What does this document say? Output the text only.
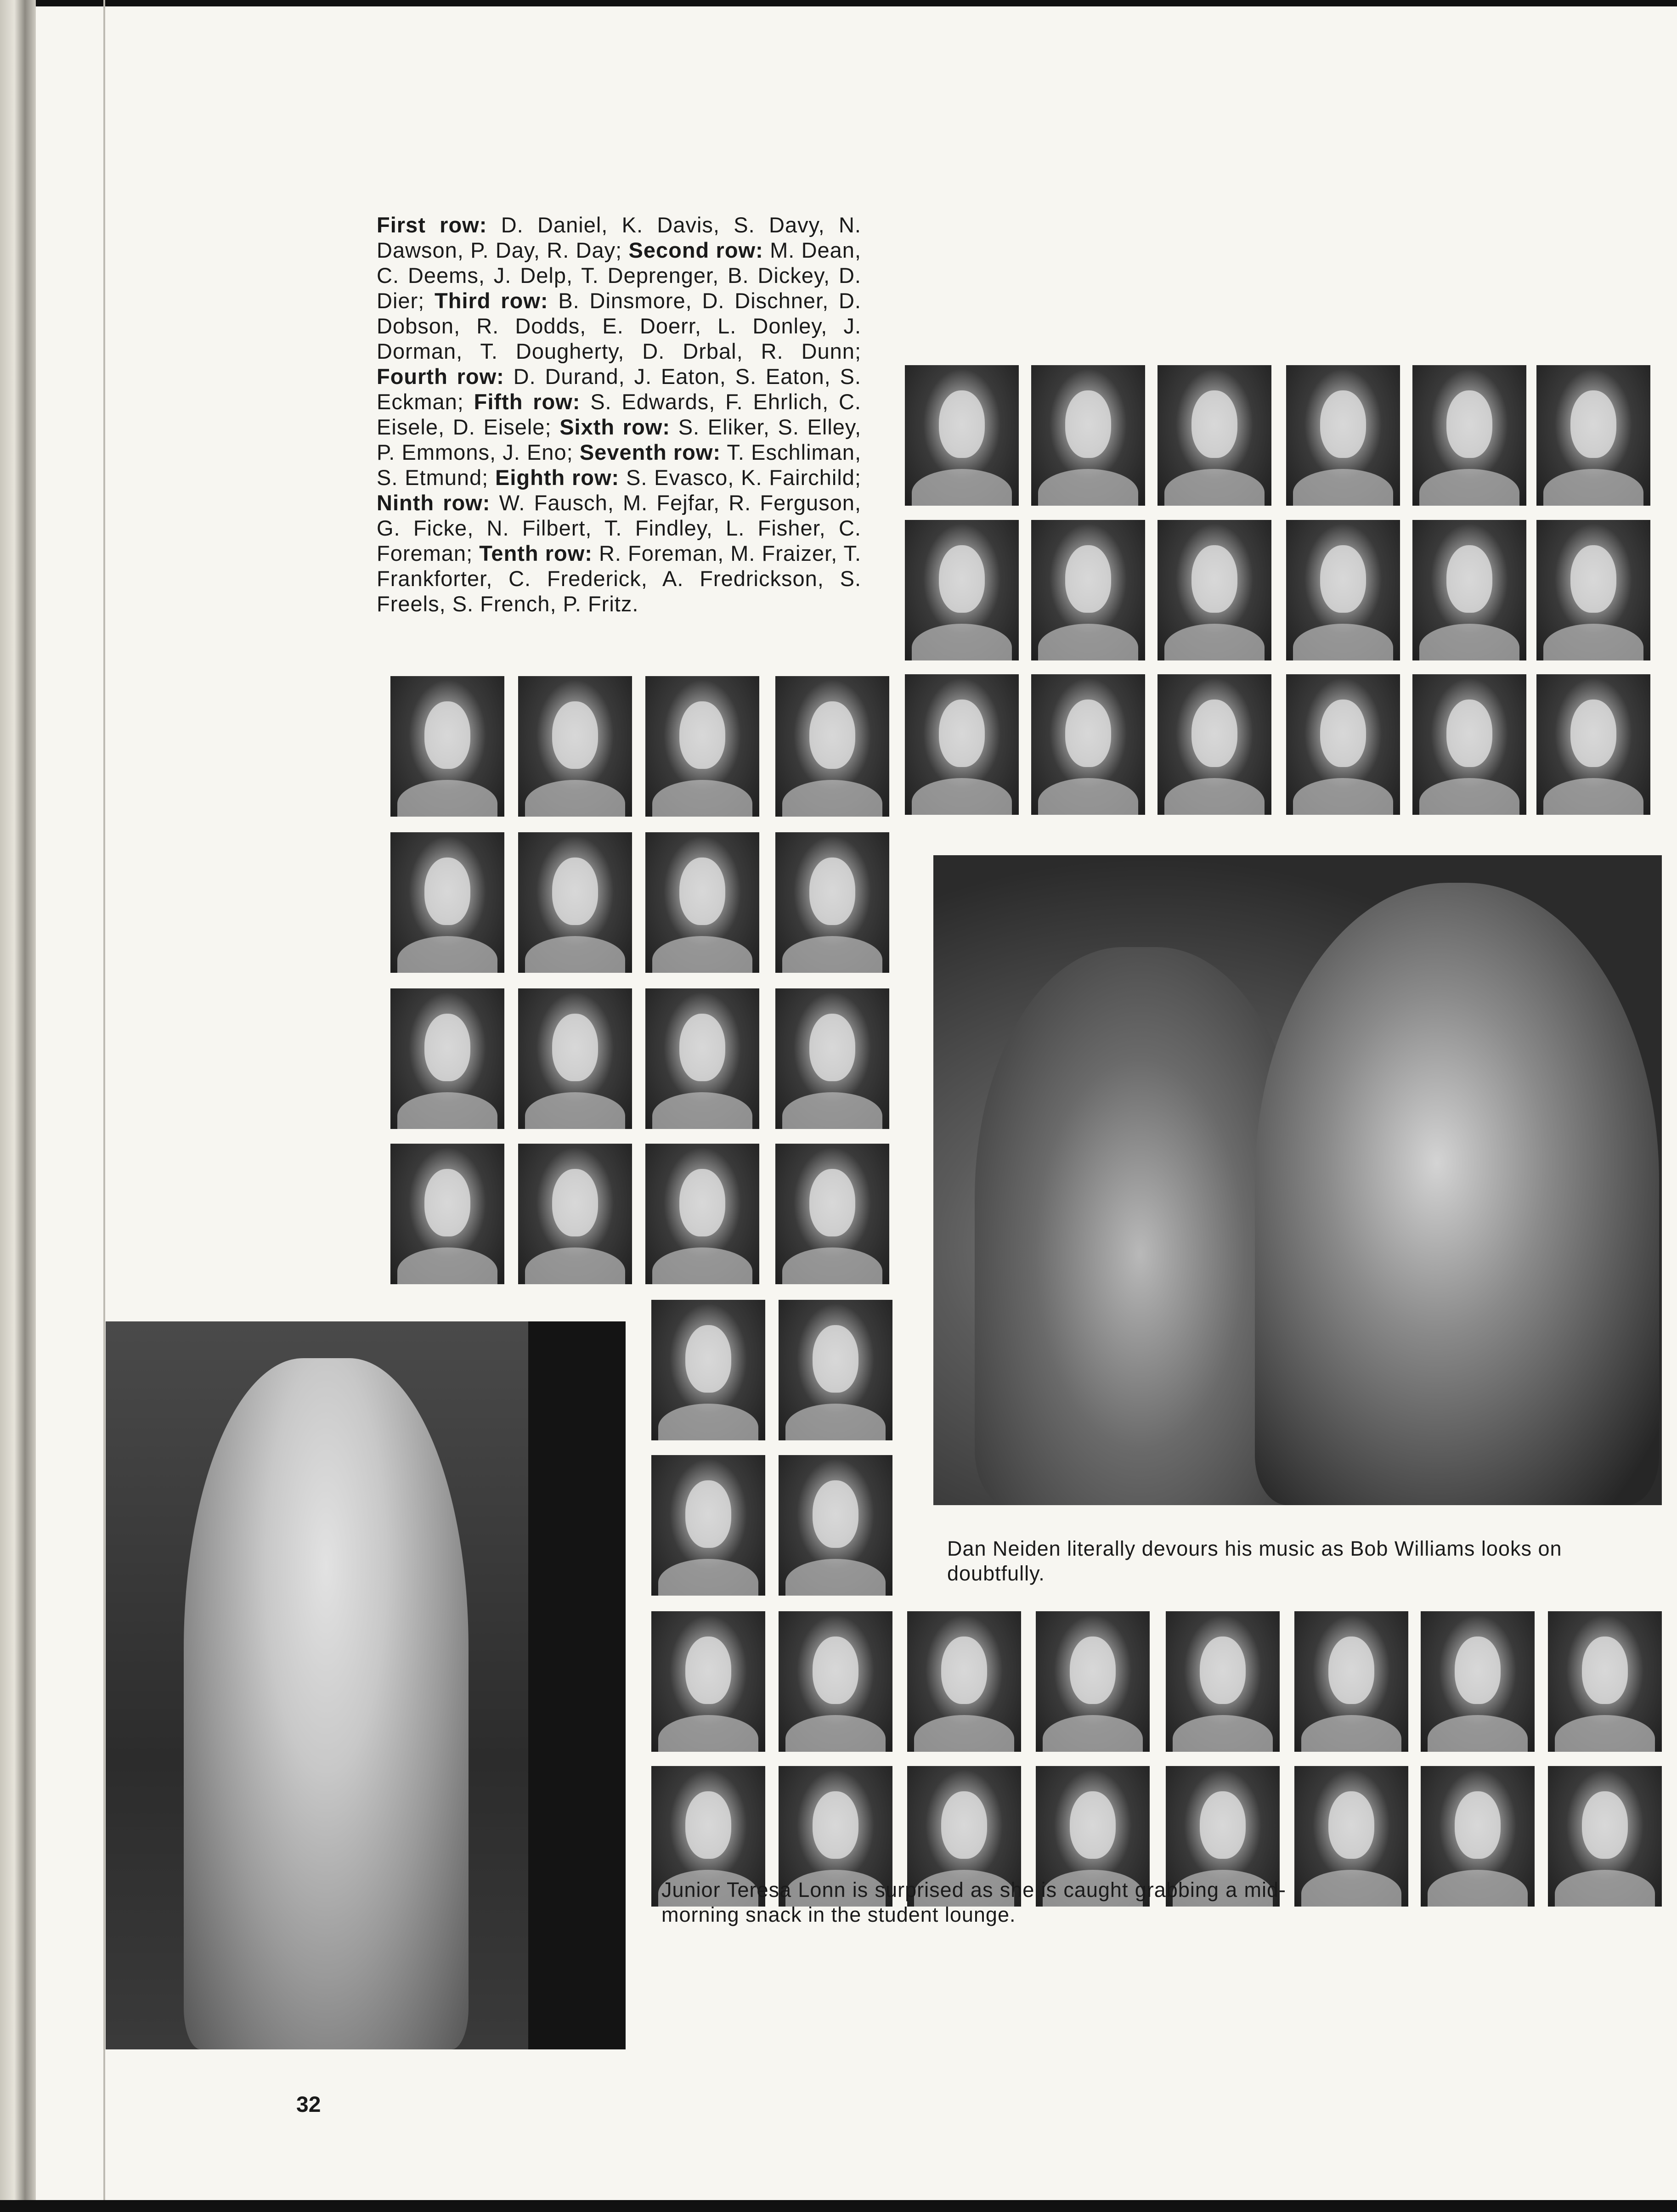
First row: D. Daniel, K. Davis, S. Davy, N. Dawson, P. Day, R. Day; Second row: M. Dean, C. Deems, J. Delp, T. Deprenger, B. Dickey, D. Dier; Third row: B. Dinsmore, D. Dischner, D. Dobson, R. Dodds, E. Doerr, L. Donley, J. Dorman, T. Dougherty, D. Drbal, R. Dunn; Fourth row: D. Durand, J. Eaton, S. Eaton, S. Eckman; Fifth row: S. Edwards, F. Ehrlich, C. Eisele, D. Eisele; Sixth row: S. Eliker, S. Elley, P. Emmons, J. Eno; Seventh row: T. Eschliman, S. Etmund; Eighth row: S. Evasco, K. Fairchild; Ninth row: W. Fausch, M. Fejfar, R. Ferguson, G. Ficke, N. Filbert, T. Findley, L. Fisher, C. Foreman; Tenth row: R. Foreman, M. Fraizer, T. Frankforter, C. Frederick, A. Fredrickson, S. Freels, S. French, P. Fritz.
Dan Neiden literally devours his music as Bob Williams looks on doubtfully.
Junior Teresa Lonn is surprised as she is caught grabbing a mid-morning snack in the student lounge.
32
